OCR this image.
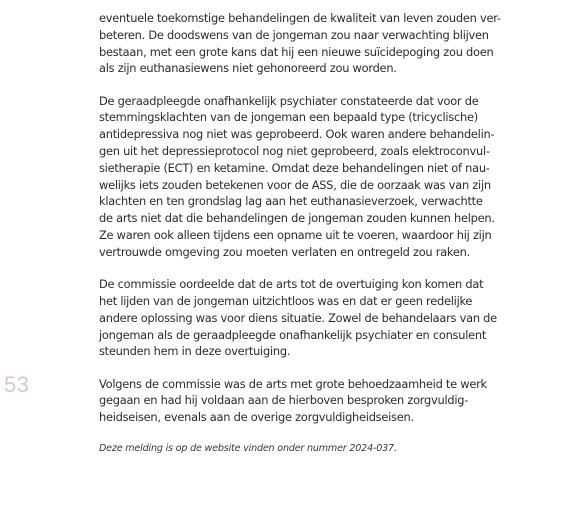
53
eventuele toekomstige behandelingen de kwaliteit van leven zouden ver-
beteren. De doodswens van de jongeman zou naar verwachting blijven
bestaan, met een grote kans dat hij een nieuwe suïcidepoging zou doen
als zijn euthanasiewens niet gehonoreerd zou worden.
De geraadpleegde onafhankelijk psychiater constateerde dat voor de
stemmingsklachten van de jongeman een bepaald type (tricyclische)
antidepressiva nog niet was geprobeerd. Ook waren andere behandelin-
gen uit het depressieprotocol nog niet geprobeerd, zoals elektroconvul-
sietherapie (ECT) en ketamine. Omdat deze behandelingen niet of nau-
welijks iets zouden betekenen voor de ASS, die de oorzaak was van zijn
klachten en ten grondslag lag aan het euthanasieverzoek, verwachtte
de arts niet dat die behandelingen de jongeman zouden kunnen helpen.
Ze waren ook alleen tijdens een opname uit te voeren, waardoor hij zijn
vertrouwde omgeving zou moeten verlaten en ontregeld zou raken.
De commissie oordeelde dat de arts tot de overtuiging kon komen dat
het lijden van de jongeman uitzichtloos was en dat er geen redelijke
andere oplossing was voor diens situatie. Zowel de behandelaars van de
jongeman als de geraadpleegde onafhankelijk psychiater en consulent
steunden hem in deze overtuiging.
Volgens de commissie was de arts met grote behoedzaamheid te werk
gegaan en had hij voldaan aan de hierboven besproken zorgvuldig-
heidseisen, evenals aan de overige zorgvuldigheidseisen.
Deze melding is op de website vinden onder nummer 2024-037.
